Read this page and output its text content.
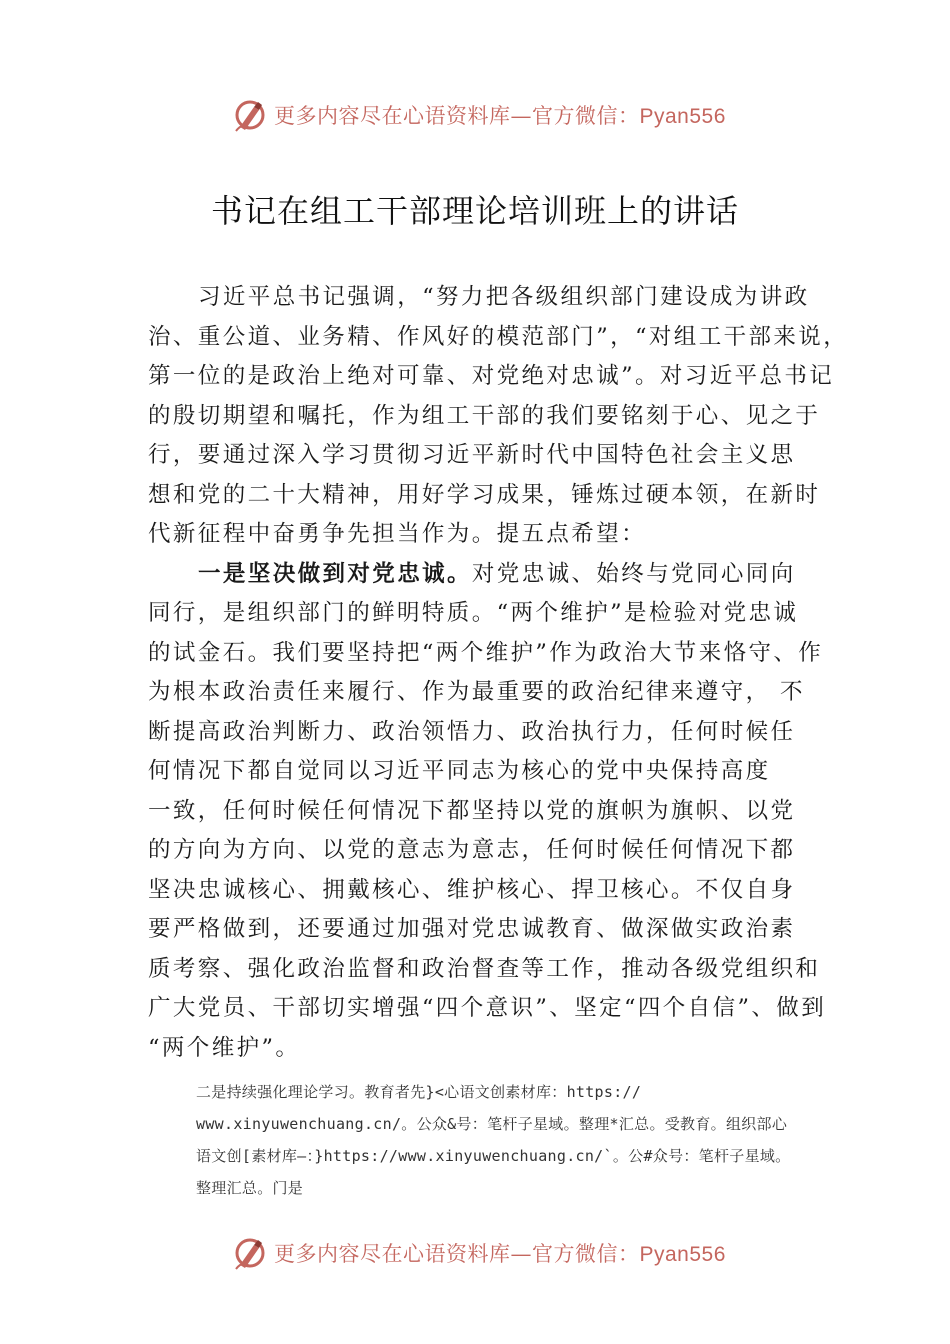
更多内容尽在心语资料库—官方微信：Pyan556
书记在组工干部理论培训班上的讲话
习近平总书记强调，“努力把各级组织部门建设成为讲政
治、重公道、业务精、作风好的模范部门”，“对组工干部来说，
第一位的是政治上绝对可靠、对党绝对忠诚”。对习近平总书记
的殷切期望和嘱托，作为组工干部的我们要铭刻于心、见之于
行，要通过深入学习贯彻习近平新时代中国特色社会主义思
想和党的二十大精神，用好学习成果，锤炼过硬本领，在新时
代新征程中奋勇争先担当作为。提五点希望：
一是坚决做到对党忠诚。对党忠诚、始终与党同心同向
同行，是组织部门的鲜明特质。“两个维护”是检验对党忠诚
的试金石。我们要坚持把“两个维护”作为政治大节来恪守、作
为根本政治责任来履行、作为最重要的政治纪律来遵守， 不
断提高政治判断力、政治领悟力、政治执行力，任何时候任
何情况下都自觉同以习近平同志为核心的党中央保持高度
一致，任何时候任何情况下都坚持以党的旗帜为旗帜、以党
的方向为方向、以党的意志为意志，任何时候任何情况下都
坚决忠诚核心、拥戴核心、维护核心、捍卫核心。不仅自身
要严格做到，还要通过加强对党忠诚教育、做深做实政治素
质考察、强化政治监督和政治督查等工作，推动各级党组织和
广大党员、干部切实增强“四个意识”、坚定“四个自信”、做到
“两个维护”。
二是持续强化理论学习。教育者先}<心语文创素材库：https://
www.xinyuwenchuang.cn/。公众&号：笔杆子星域。整理*汇总。受教育。组织部心
语文创[素材库—：}https://www.xinyuwenchuang.cn/`。公#众号：笔杆子星域。
整理汇总。门是
更多内容尽在心语资料库—官方微信：Pyan556
